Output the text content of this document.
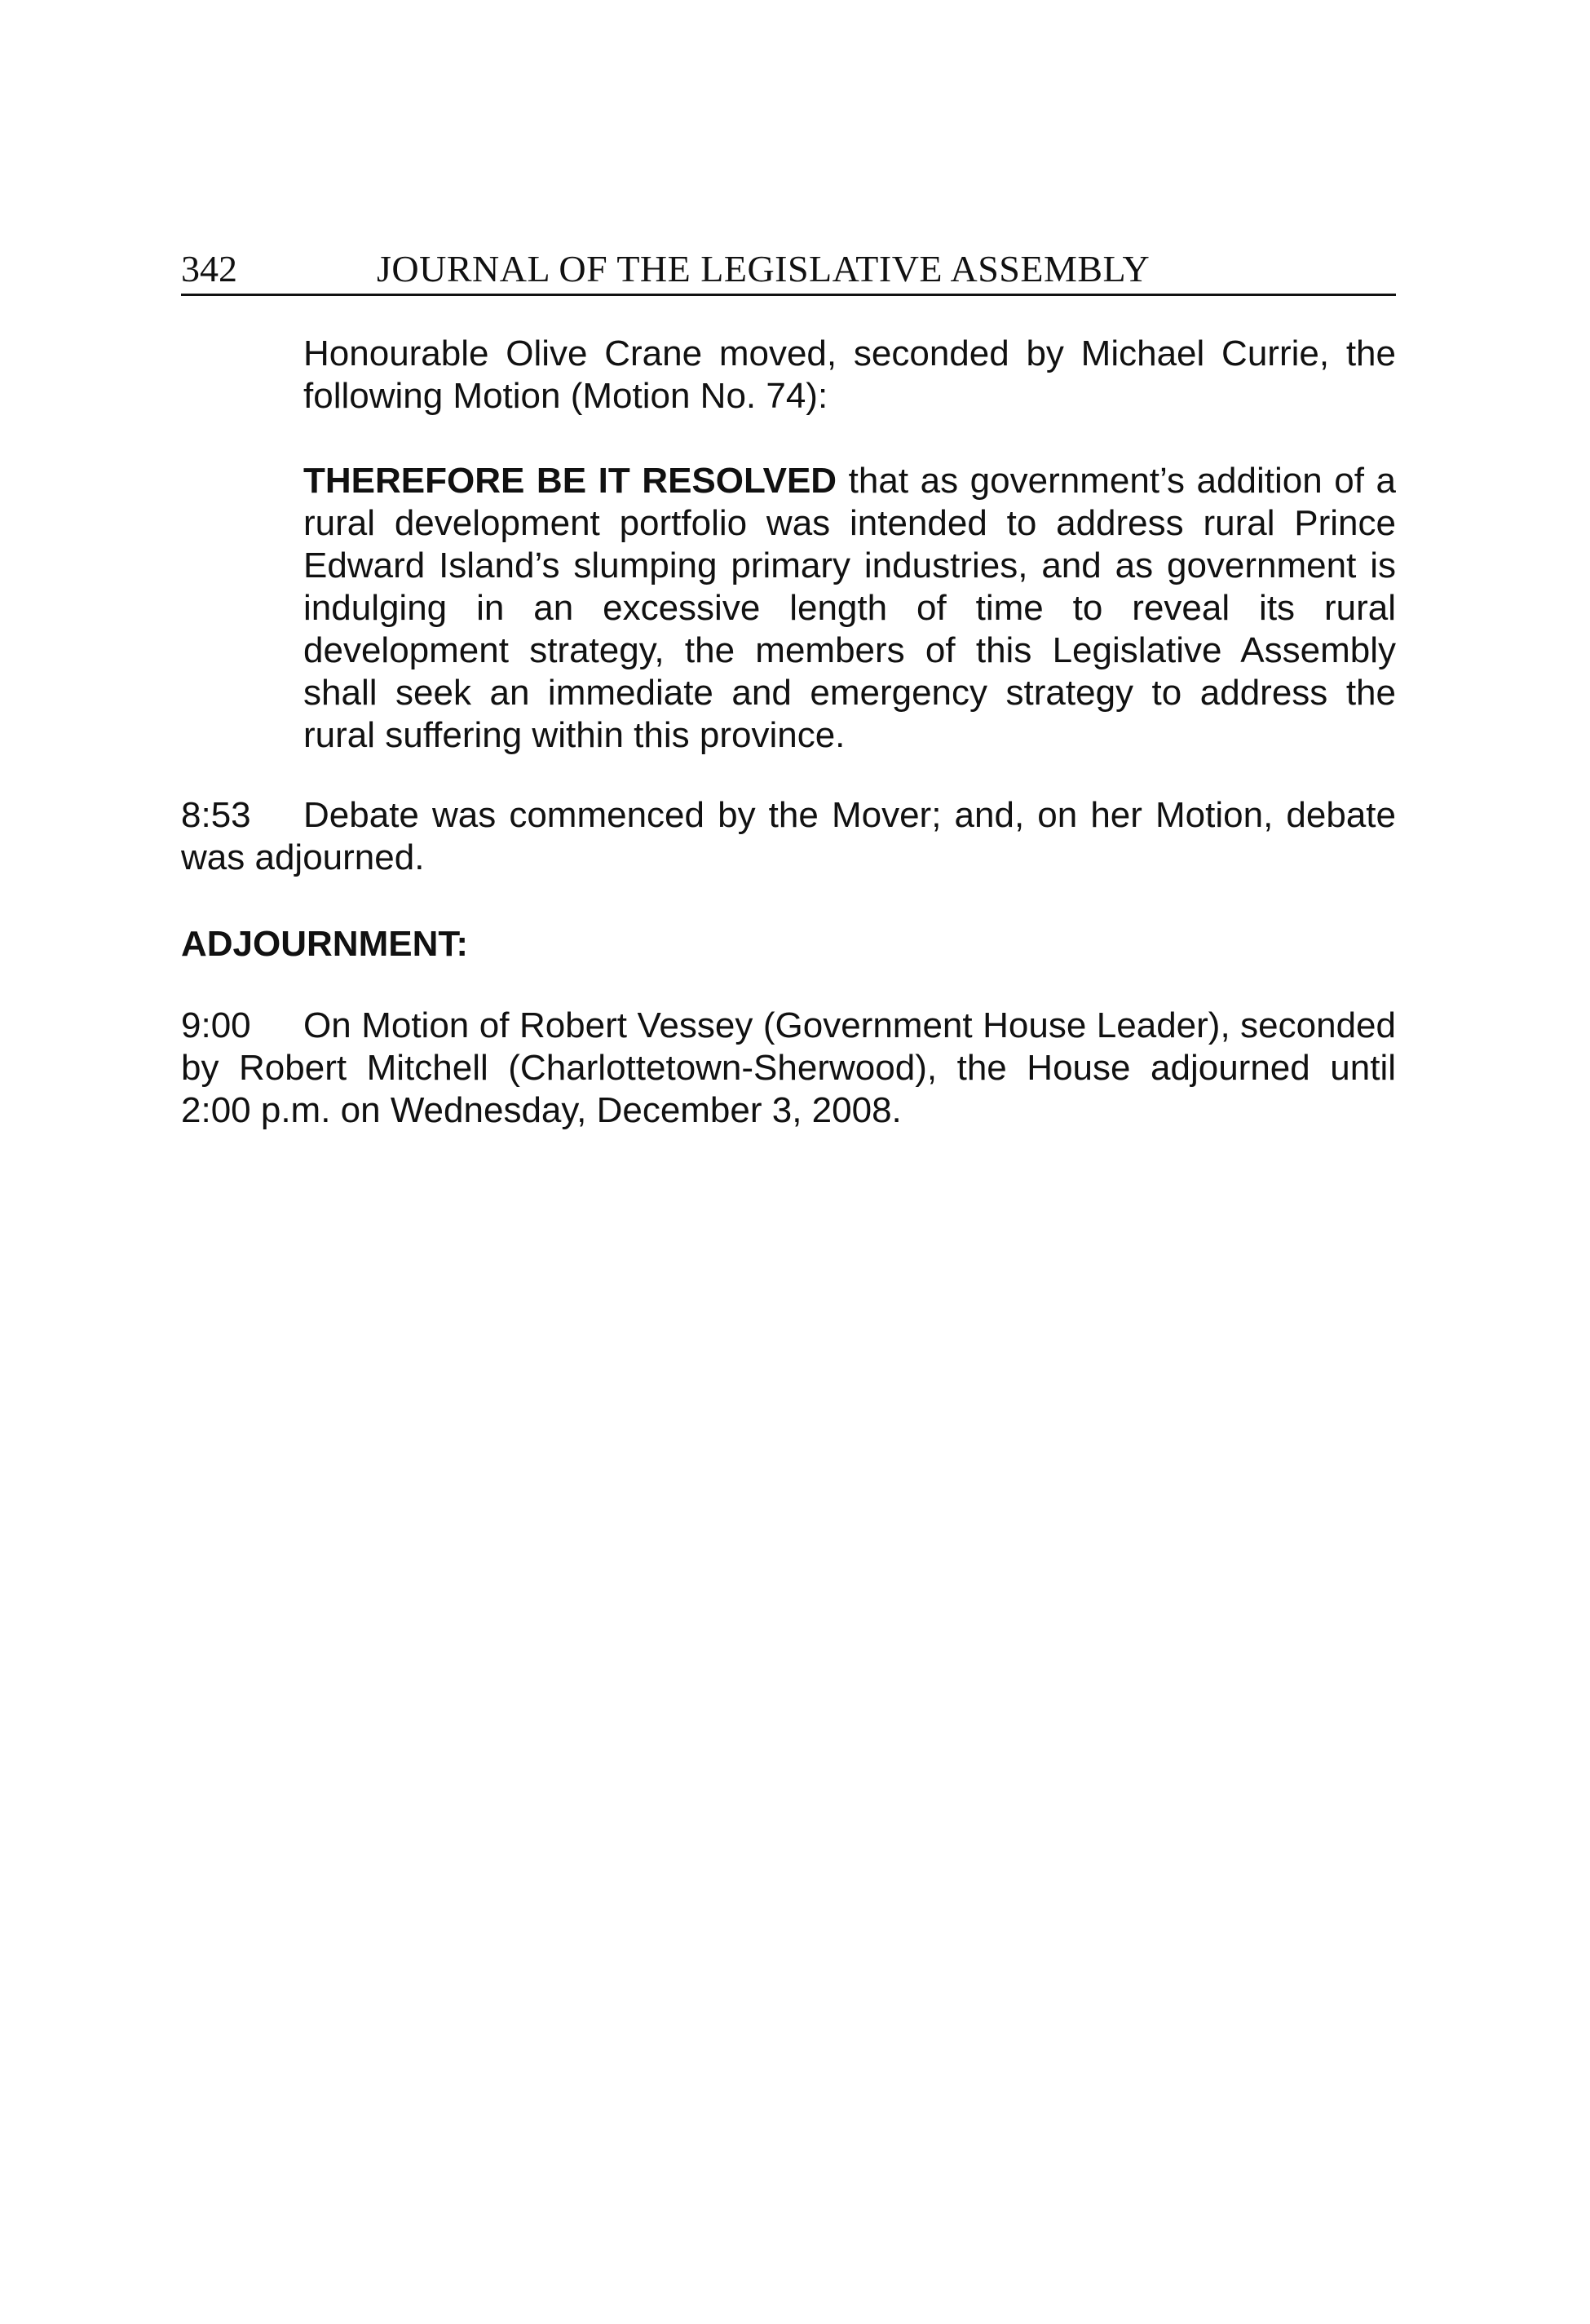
342	JOURNAL OF THE LEGISLATIVE ASSEMBLY

Honourable Olive Crane moved, seconded by Michael Currie, the following Motion (Motion No. 74):

THEREFORE BE IT RESOLVED that as government’s addition of a rural development portfolio was intended to address rural Prince Edward Island’s slumping primary industries, and as government is indulging in an excessive length of time to reveal its rural development strategy, the members of this Legislative Assembly shall seek an immediate and emergency strategy to address the rural suffering within this province.

8:53 Debate was commenced by the Mover; and, on her Motion, debate was adjourned.

ADJOURNMENT:

9:00 On Motion of Robert Vessey (Government House Leader), seconded by Robert Mitchell (Charlottetown-Sherwood), the House adjourned until 2:00 p.m. on Wednesday, December 3, 2008.
